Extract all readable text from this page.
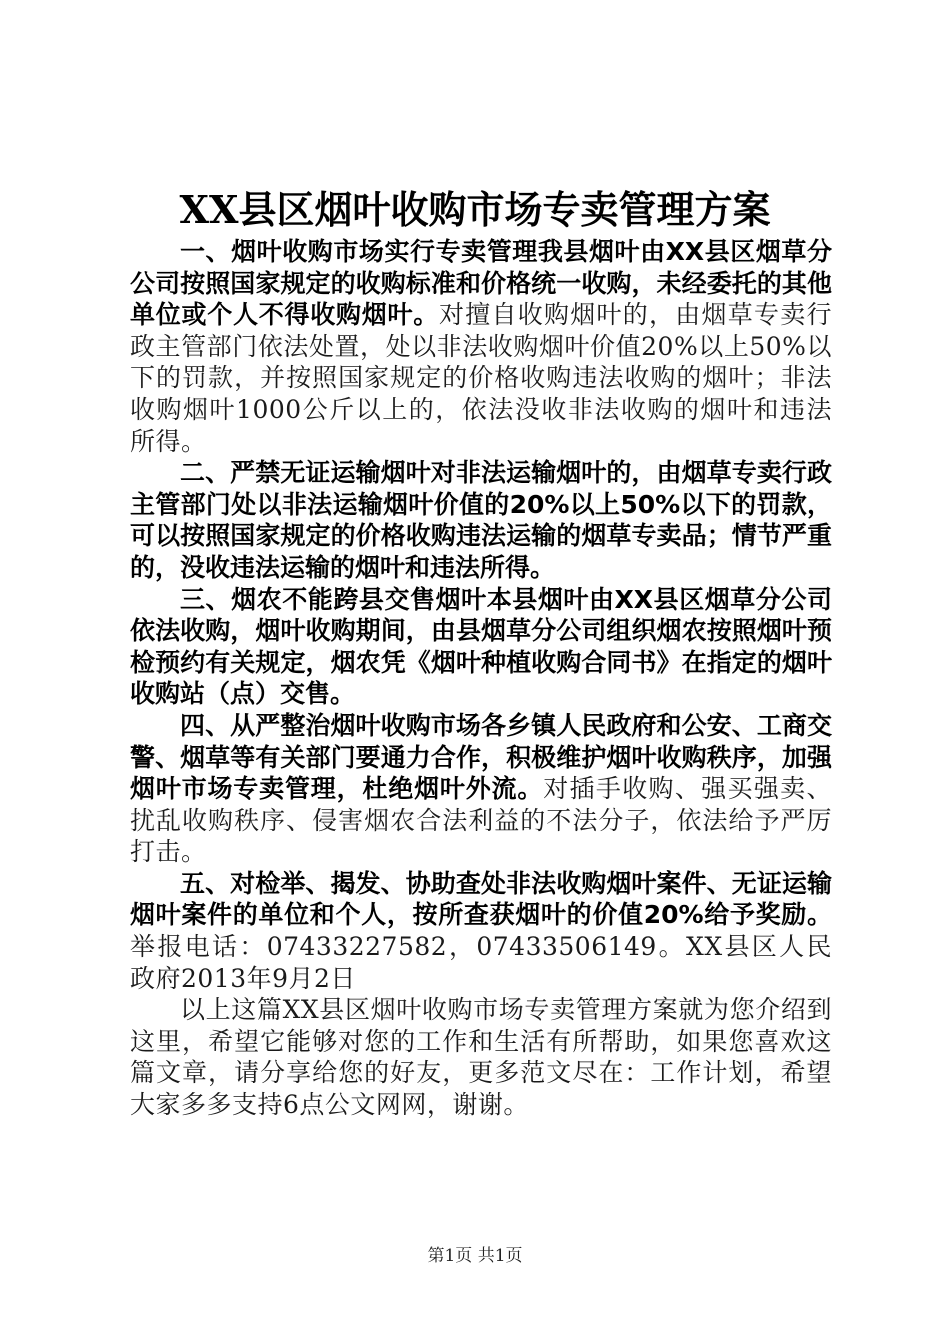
XX县区烟叶收购市场专卖管理方案

一、烟叶收购市场实行专卖管理我县烟叶由XX县区烟草分公司按照国家规定的收购标准和价格统一收购，未经委托的其他单位或个人不得收购烟叶。对擅自收购烟叶的，由烟草专卖行政主管部门依法处置，处以非法收购烟叶价值20%以上50%以下的罚款，并按照国家规定的价格收购违法收购的烟叶；非法收购烟叶1000公斤以上的，依法没收非法收购的烟叶和违法所得。

二、严禁无证运输烟叶对非法运输烟叶的，由烟草专卖行政主管部门处以非法运输烟叶价值的20%以上50%以下的罚款，可以按照国家规定的价格收购违法运输的烟草专卖品；情节严重的，没收违法运输的烟叶和违法所得。

三、烟农不能跨县交售烟叶本县烟叶由XX县区烟草分公司依法收购，烟叶收购期间，由县烟草分公司组织烟农按照烟叶预检预约有关规定，烟农凭《烟叶种植收购合同书》在指定的烟叶收购站（点）交售。

四、从严整治烟叶收购市场各乡镇人民政府和公安、工商交警、烟草等有关部门要通力合作，积极维护烟叶收购秩序，加强烟叶市场专卖管理，杜绝烟叶外流。对插手收购、强买强卖、扰乱收购秩序、侵害烟农合法利益的不法分子，依法给予严厉打击。

五、对检举、揭发、协助查处非法收购烟叶案件、无证运输烟叶案件的单位和个人，按所查获烟叶的价值20%给予奖励。举报电话：07433227582，07433506149。XX县区人民政府2013年9月2日

以上这篇XX县区烟叶收购市场专卖管理方案就为您介绍到这里，希望它能够对您的工作和生活有所帮助，如果您喜欢这篇文章，请分享给您的好友，更多范文尽在：工作计划，希望大家多多支持6点公文网网，谢谢。

第1页 共1页
